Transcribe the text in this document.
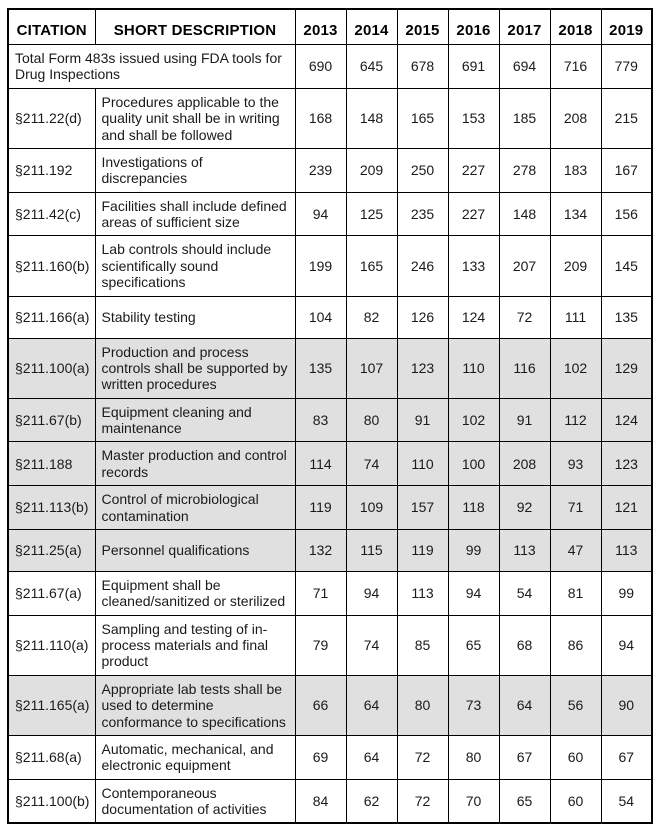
CITATION	SHORT DESCRIPTION	2013	2014	2015	2016	2017	2018	2019
Total Form 483s issued using FDA tools for Drug Inspections		690	645	678	691	694	716	779
§211.22(d)	Procedures applicable to the quality unit shall be in writing and shall be followed	168	148	165	153	185	208	215
§211.192	Investigations of discrepancies	239	209	250	227	278	183	167
§211.42(c)	Facilities shall include defined areas of sufficient size	94	125	235	227	148	134	156
§211.160(b)	Lab controls should include scientifically sound specifications	199	165	246	133	207	209	145
§211.166(a)	Stability testing	104	82	126	124	72	111	135
§211.100(a)	Production and process controls shall be supported by written procedures	135	107	123	110	116	102	129
§211.67(b)	Equipment cleaning and maintenance	83	80	91	102	91	112	124
§211.188	Master production and control records	114	74	110	100	208	93	123
§211.113(b)	Control of microbiological contamination	119	109	157	118	92	71	121
§211.25(a)	Personnel qualifications	132	115	119	99	113	47	113
§211.67(a)	Equipment shall be cleaned/sanitized or sterilized	71	94	113	94	54	81	99
§211.110(a)	Sampling and testing of in-process materials and final product	79	74	85	65	68	86	94
§211.165(a)	Appropriate lab tests shall be used to determine conformance to specifications	66	64	80	73	64	56	90
§211.68(a)	Automatic, mechanical, and electronic equipment	69	64	72	80	67	60	67
§211.100(b)	Contemporaneous documentation of activities	84	62	72	70	65	60	54
